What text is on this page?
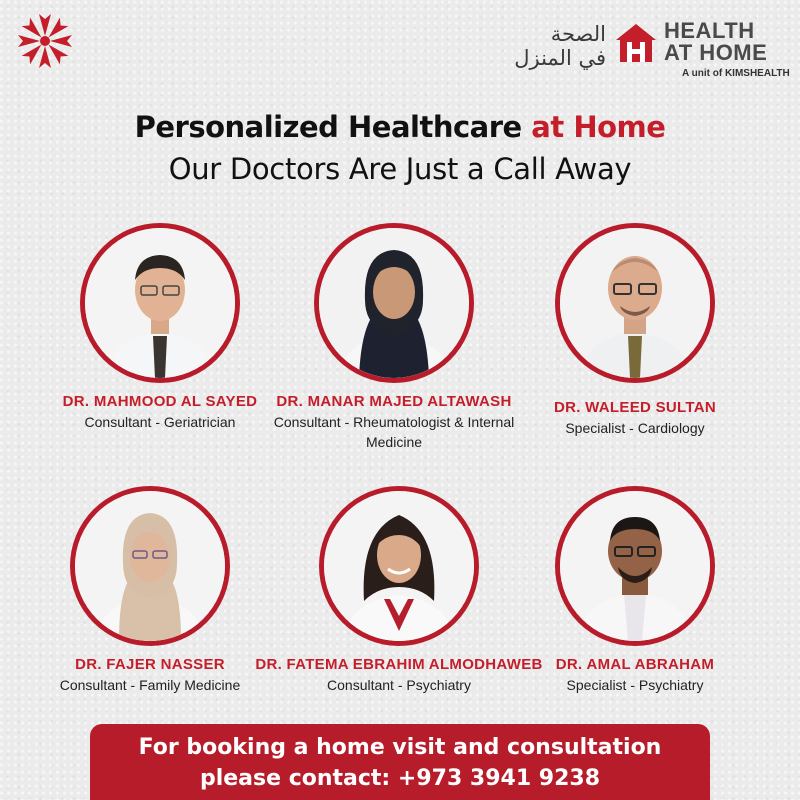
الصحة
في المنزل
HEALTH
AT HOME
A unit of KIMSHEALTH
Personalized Healthcare at Home
Our Doctors Are Just a Call Away
DR. MAHMOOD AL SAYED
Consultant - Geriatrician
DR. MANAR MAJED ALTAWASH
Consultant - Rheumatologist & Internal Medicine
DR. WALEED SULTAN
Specialist - Cardiology
DR. FAJER NASSER
Consultant - Family Medicine
DR. FATEMA EBRAHIM ALMODHAWEB
Consultant - Psychiatry
DR. AMAL ABRAHAM
Specialist - Psychiatry
For booking a home visit and consultation
please contact: +973 3941 9238
